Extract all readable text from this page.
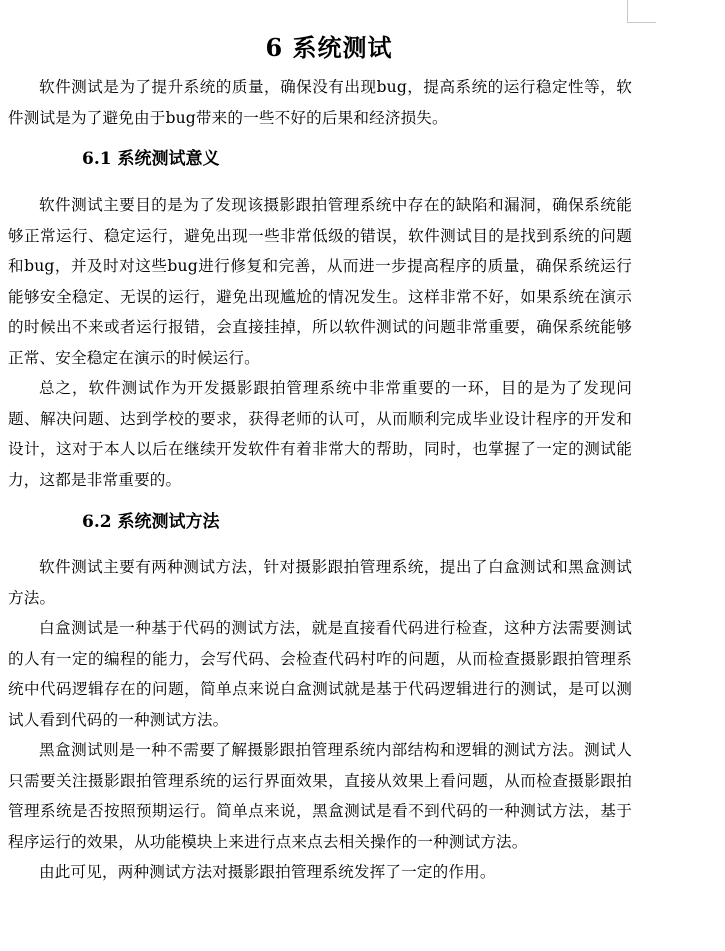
6 系统测试

软件测试是为了提升系统的质量，确保没有出现bug，提高系统的运行稳定性等，软件测试是为了避免由于bug带来的一些不好的后果和经济损失。

6.1 系统测试意义

软件测试主要目的是为了发现该摄影跟拍管理系统中存在的缺陷和漏洞，确保系统能够正常运行、稳定运行，避免出现一些非常低级的错误，软件测试目的是找到系统的问题和bug，并及时对这些bug进行修复和完善，从而进一步提高程序的质量，确保系统运行能够安全稳定、无误的运行，避免出现尴尬的情况发生。这样非常不好，如果系统在演示的时候出不来或者运行报错，会直接挂掉，所以软件测试的问题非常重要，确保系统能够正常、安全稳定在演示的时候运行。

总之，软件测试作为开发摄影跟拍管理系统中非常重要的一环，目的是为了发现问题、解决问题、达到学校的要求，获得老师的认可，从而顺利完成毕业设计程序的开发和设计，这对于本人以后在继续开发软件有着非常大的帮助，同时，也掌握了一定的测试能力，这都是非常重要的。

6.2 系统测试方法

软件测试主要有两种测试方法，针对摄影跟拍管理系统，提出了白盒测试和黑盒测试方法。

白盒测试是一种基于代码的测试方法，就是直接看代码进行检查，这种方法需要测试的人有一定的编程的能力，会写代码、会检查代码村咋的问题，从而检查摄影跟拍管理系统中代码逻辑存在的问题，简单点来说白盒测试就是基于代码逻辑进行的测试，是可以测试人看到代码的一种测试方法。

黑盒测试则是一种不需要了解摄影跟拍管理系统内部结构和逻辑的测试方法。测试人只需要关注摄影跟拍管理系统的运行界面效果，直接从效果上看问题，从而检查摄影跟拍管理系统是否按照预期运行。简单点来说，黑盒测试是看不到代码的一种测试方法，基于程序运行的效果，从功能模块上来进行点来点去相关操作的一种测试方法。

由此可见，两种测试方法对摄影跟拍管理系统发挥了一定的作用。
